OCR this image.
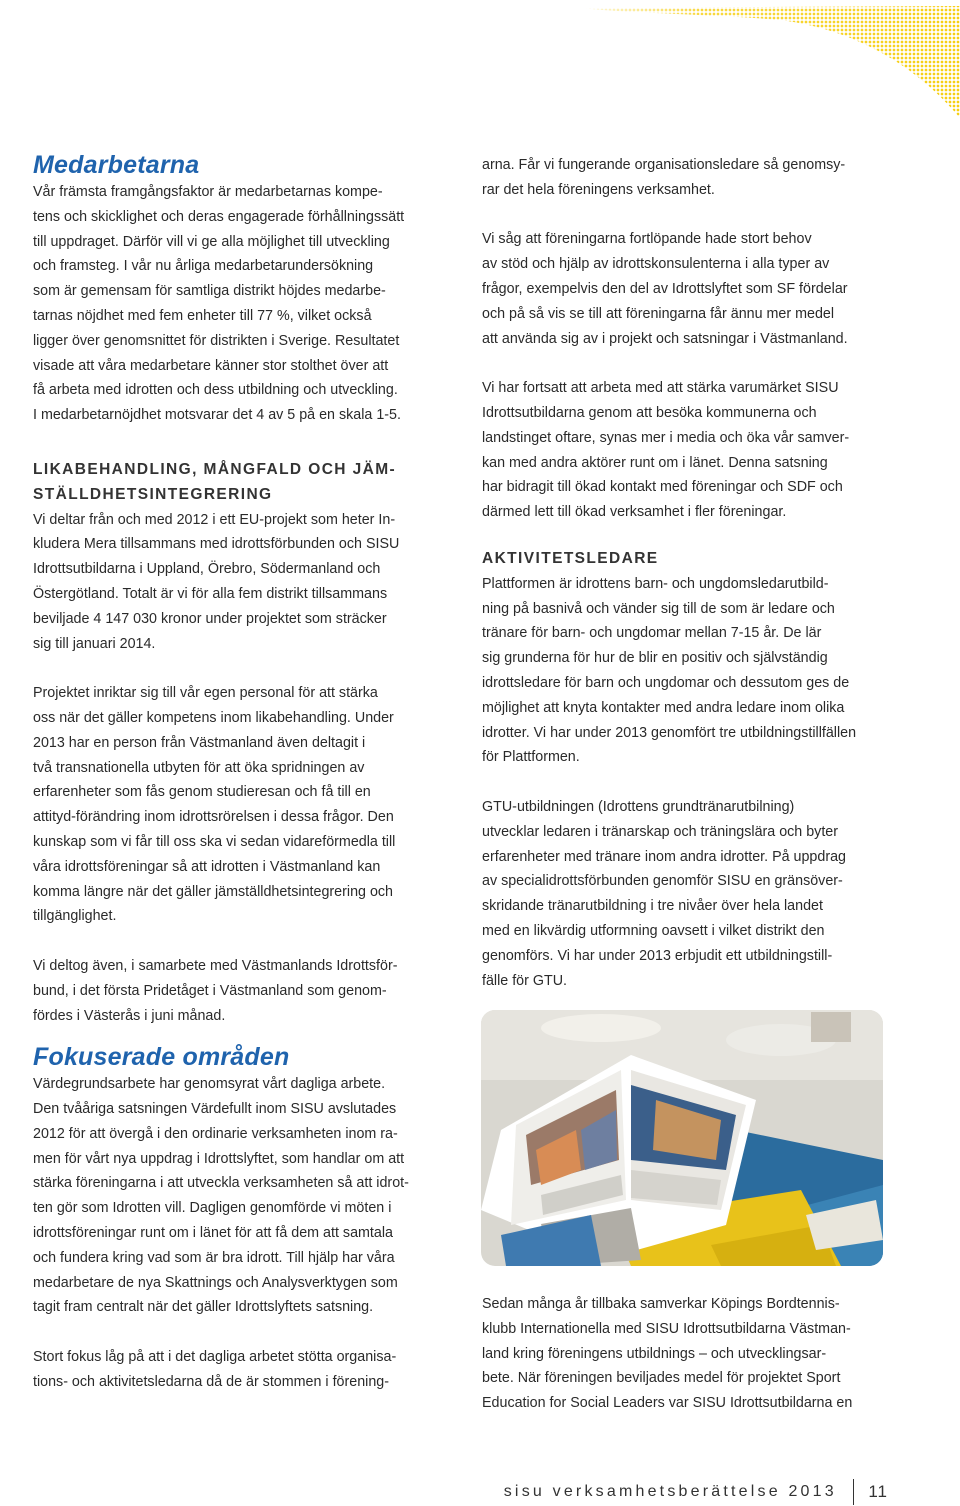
Medarbetarna

Vår främsta framgångsfaktor är medarbetarnas kompe-
tens och skicklighet och deras engagerade förhållningssätt
till uppdraget. Därför vill vi ge alla möjlighet till utveckling
och framsteg. I vår nu årliga medarbetarundersökning
som är gemensam för samtliga distrikt höjdes medarbe-
tarnas nöjdhet med fem enheter till 77 %, vilket också
ligger över genomsnittet för distrikten i Sverige. Resultatet
visade att våra medarbetare känner stor stolthet över att
få arbeta med idrotten och dess utbildning och utveckling.
I medarbetarnöjdhet motsvarar det 4 av 5 på en skala 1-5.

LIKABEHANDLING, MÅNGFALD OCH JÄM-
STÄLLDHETSINTEGRERING

Vi deltar från och med 2012 i ett EU-projekt som heter In-
kludera Mera tillsammans med idrottsförbunden och SISU
Idrottsutbildarna i Uppland, Örebro, Södermanland och
Östergötland. Totalt är vi för alla fem distrikt tillsammans
beviljade 4 147 030 kronor under projektet som sträcker
sig till januari 2014.

Projektet inriktar sig till vår egen personal för att stärka
oss när det gäller kompetens inom likabehandling. Under
2013 har en person från Västmanland även deltagit i
två transnationella utbyten för att öka spridningen av
erfarenheter som fås genom studieresan och få till en
attityd-förändring inom idrottsrörelsen i dessa frågor. Den
kunskap som vi får till oss ska vi sedan vidareförmedla till
våra idrottsföreningar så att idrotten i Västmanland kan
komma längre när det gäller jämställdhetsintegrering och
tillgänglighet.

Vi deltog även, i samarbete med Västmanlands Idrottsför-
bund, i det första Pridetåget i Västmanland som genom-
fördes i Västerås i juni månad.

Fokuserade områden

Värdegrundsarbete har genomsyrat vårt dagliga arbete.
Den tvååriga satsningen Värdefullt inom SISU avslutades
2012 för att övergå i den ordinarie verksamheten inom ra-
men för vårt nya uppdrag i Idrottslyftet, som handlar om att
stärka föreningarna i att utveckla verksamheten så att idrot-
ten gör som Idrotten vill. Dagligen genomförde vi möten i
idrottsföreningar runt om i länet för att få dem att samtala
och fundera kring vad som är bra idrott. Till hjälp har våra
medarbetare de nya Skattnings och Analysverktygen som
tagit fram centralt när det gäller Idrottslyftets satsning.

Stort fokus låg på att i det dagliga arbetet stötta organisa-
tions- och aktivitetsledarna då de är stommen i förening-

arna. Får vi fungerande organisationsledare så genomsy-
rar det hela föreningens verksamhet.

Vi såg att föreningarna fortlöpande hade stort behov
av stöd och hjälp av idrottskonsulenterna i alla typer av
frågor, exempelvis den del av Idrottslyftet som SF fördelar
och på så vis se till att föreningarna får ännu mer medel
att använda sig av i projekt och satsningar i Västmanland.

Vi har fortsatt att arbeta med att stärka varumärket SISU
Idrottsutbildarna genom att besöka kommunerna och
landstinget oftare, synas mer i media och öka vår samver-
kan med andra aktörer runt om i länet. Denna satsning
har bidragit till ökad kontakt med föreningar och SDF och
därmed lett till ökad verksamhet i fler föreningar.

AKTIVITETSLEDARE

Plattformen är idrottens barn- och ungdomsledarutbild-
ning på basnivå och vänder sig till de som är ledare och
tränare för barn- och ungdomar mellan 7-15 år. De lär
sig grunderna för hur de blir en positiv och självständig
idrottsledare för barn och ungdomar och dessutom ges de
möjlighet att knyta kontakter med andra ledare inom olika
idrotter. Vi har under 2013 genomfört tre utbildningstillfällen
för Plattformen.

GTU-utbildningen (Idrottens grundtränarutbilning)
utvecklar ledaren i tränarskap och träningslära och byter
erfarenheter med tränare inom andra idrotter. På uppdrag
av specialidrottsförbunden genomför SISU en gränsöver-
skridande tränarutbildning i tre nivåer över hela landet
med en likvärdig utformning oavsett i vilket distrikt den
genomförs. Vi har under 2013 erbjudit ett utbildningstill-
fälle för GTU.

Sedan många år tillbaka samverkar Köpings Bordtennis-
klubb Internationella med SISU Idrottsutbildarna Västman-
land kring föreningens utbildnings – och utvecklingsar-
bete. När föreningen beviljades medel för projektet Sport
Education for Social Leaders var SISU Idrottsutbildarna en

sisu verksamhetsberättelse 2013 11
